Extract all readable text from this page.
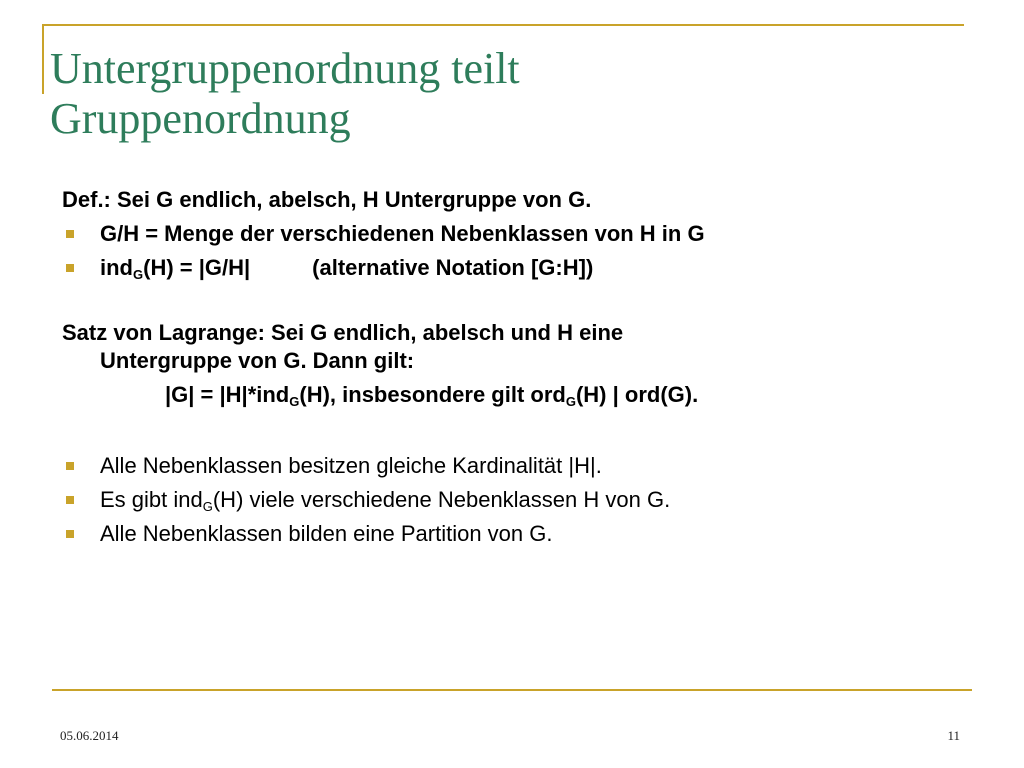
Untergruppenordnung teilt
Gruppenordnung

Def.: Sei G endlich, abelsch, H Untergruppe von G.

G/H = Menge der verschiedenen Nebenklassen von H in G
ind$_G$(H) = |G/H|	(alternative Notation [G:H])

Satz von Lagrange: Sei G endlich, abelsch und H eine

Untergruppe von G. Dann gilt:

|G| = |H|*ind$_G$(H), insbesondere gilt ord$_G$(H) | ord(G).

Alle Nebenklassen besitzen gleiche Kardinalität |H|.
Es gibt ind$_G$(H) viele verschiedene Nebenklassen H von G.
Alle Nebenklassen bilden eine Partition von G.
05.06.2014	11
